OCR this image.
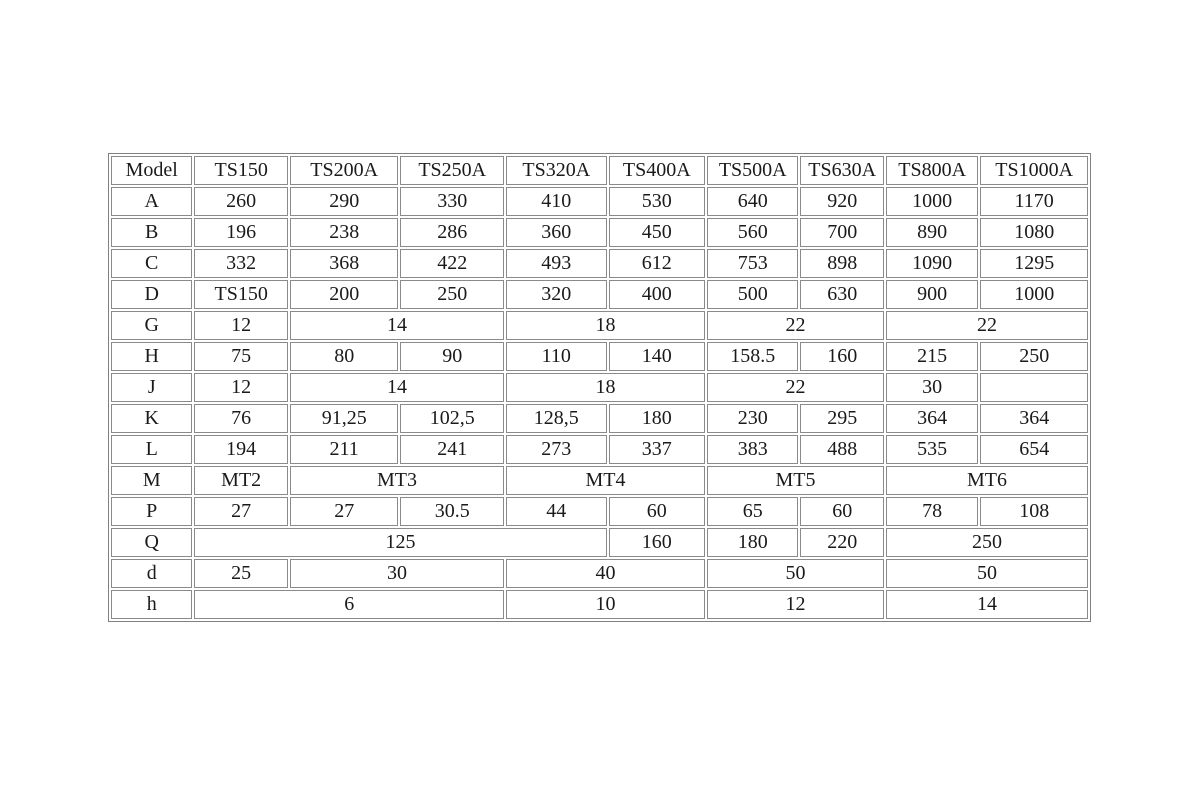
Model	TS150	TS200A	TS250A	TS320A	TS400A	TS500A	TS630A	TS800A	TS1000A
A	260	290	330	410	530	640	920	1000	1170
B	196	238	286	360	450	560	700	890	1080
C	332	368	422	493	612	753	898	1090	1295
D	TS150	200	250	320	400	500	630	900	1000
G	12	14		18		22		22	
H	75	80	90	110	140	158.5	160	215	250
J	12	14		18		22		30	
K	76	91,25	102,5	128,5	180	230	295	364	364
L	194	211	241	273	337	383	488	535	654
M	MT2	MT3		MT4		MT5		MT6	
P	27	27	30.5	44	60	65	60	78	108
Q	125				160	180	220	250	
d	25	30		40		50		50	
h	6			10		12		14	
